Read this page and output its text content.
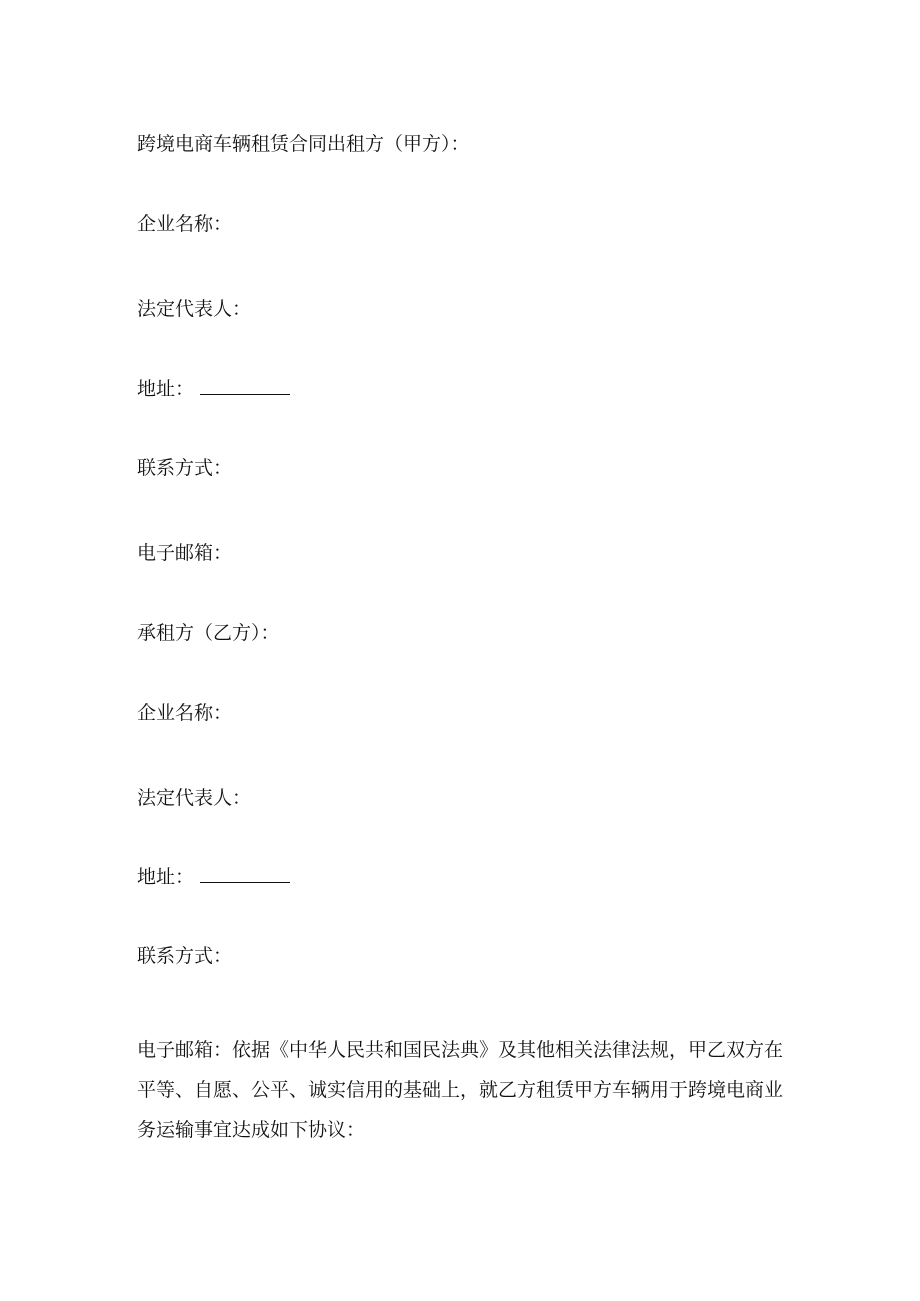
跨境电商车辆租赁合同出租方（甲方）：
企业名称：
法定代表人：
地址：
联系方式：
电子邮箱：
承租方（乙方）：
企业名称：
法定代表人：
地址：
联系方式：
电子邮箱：依据《中华人民共和国民法典》及其他相关法律法规，甲乙双方在平等、自愿、公平、诚实信用的基础上，就乙方租赁甲方车辆用于跨境电商业务运输事宜达成如下协议：
